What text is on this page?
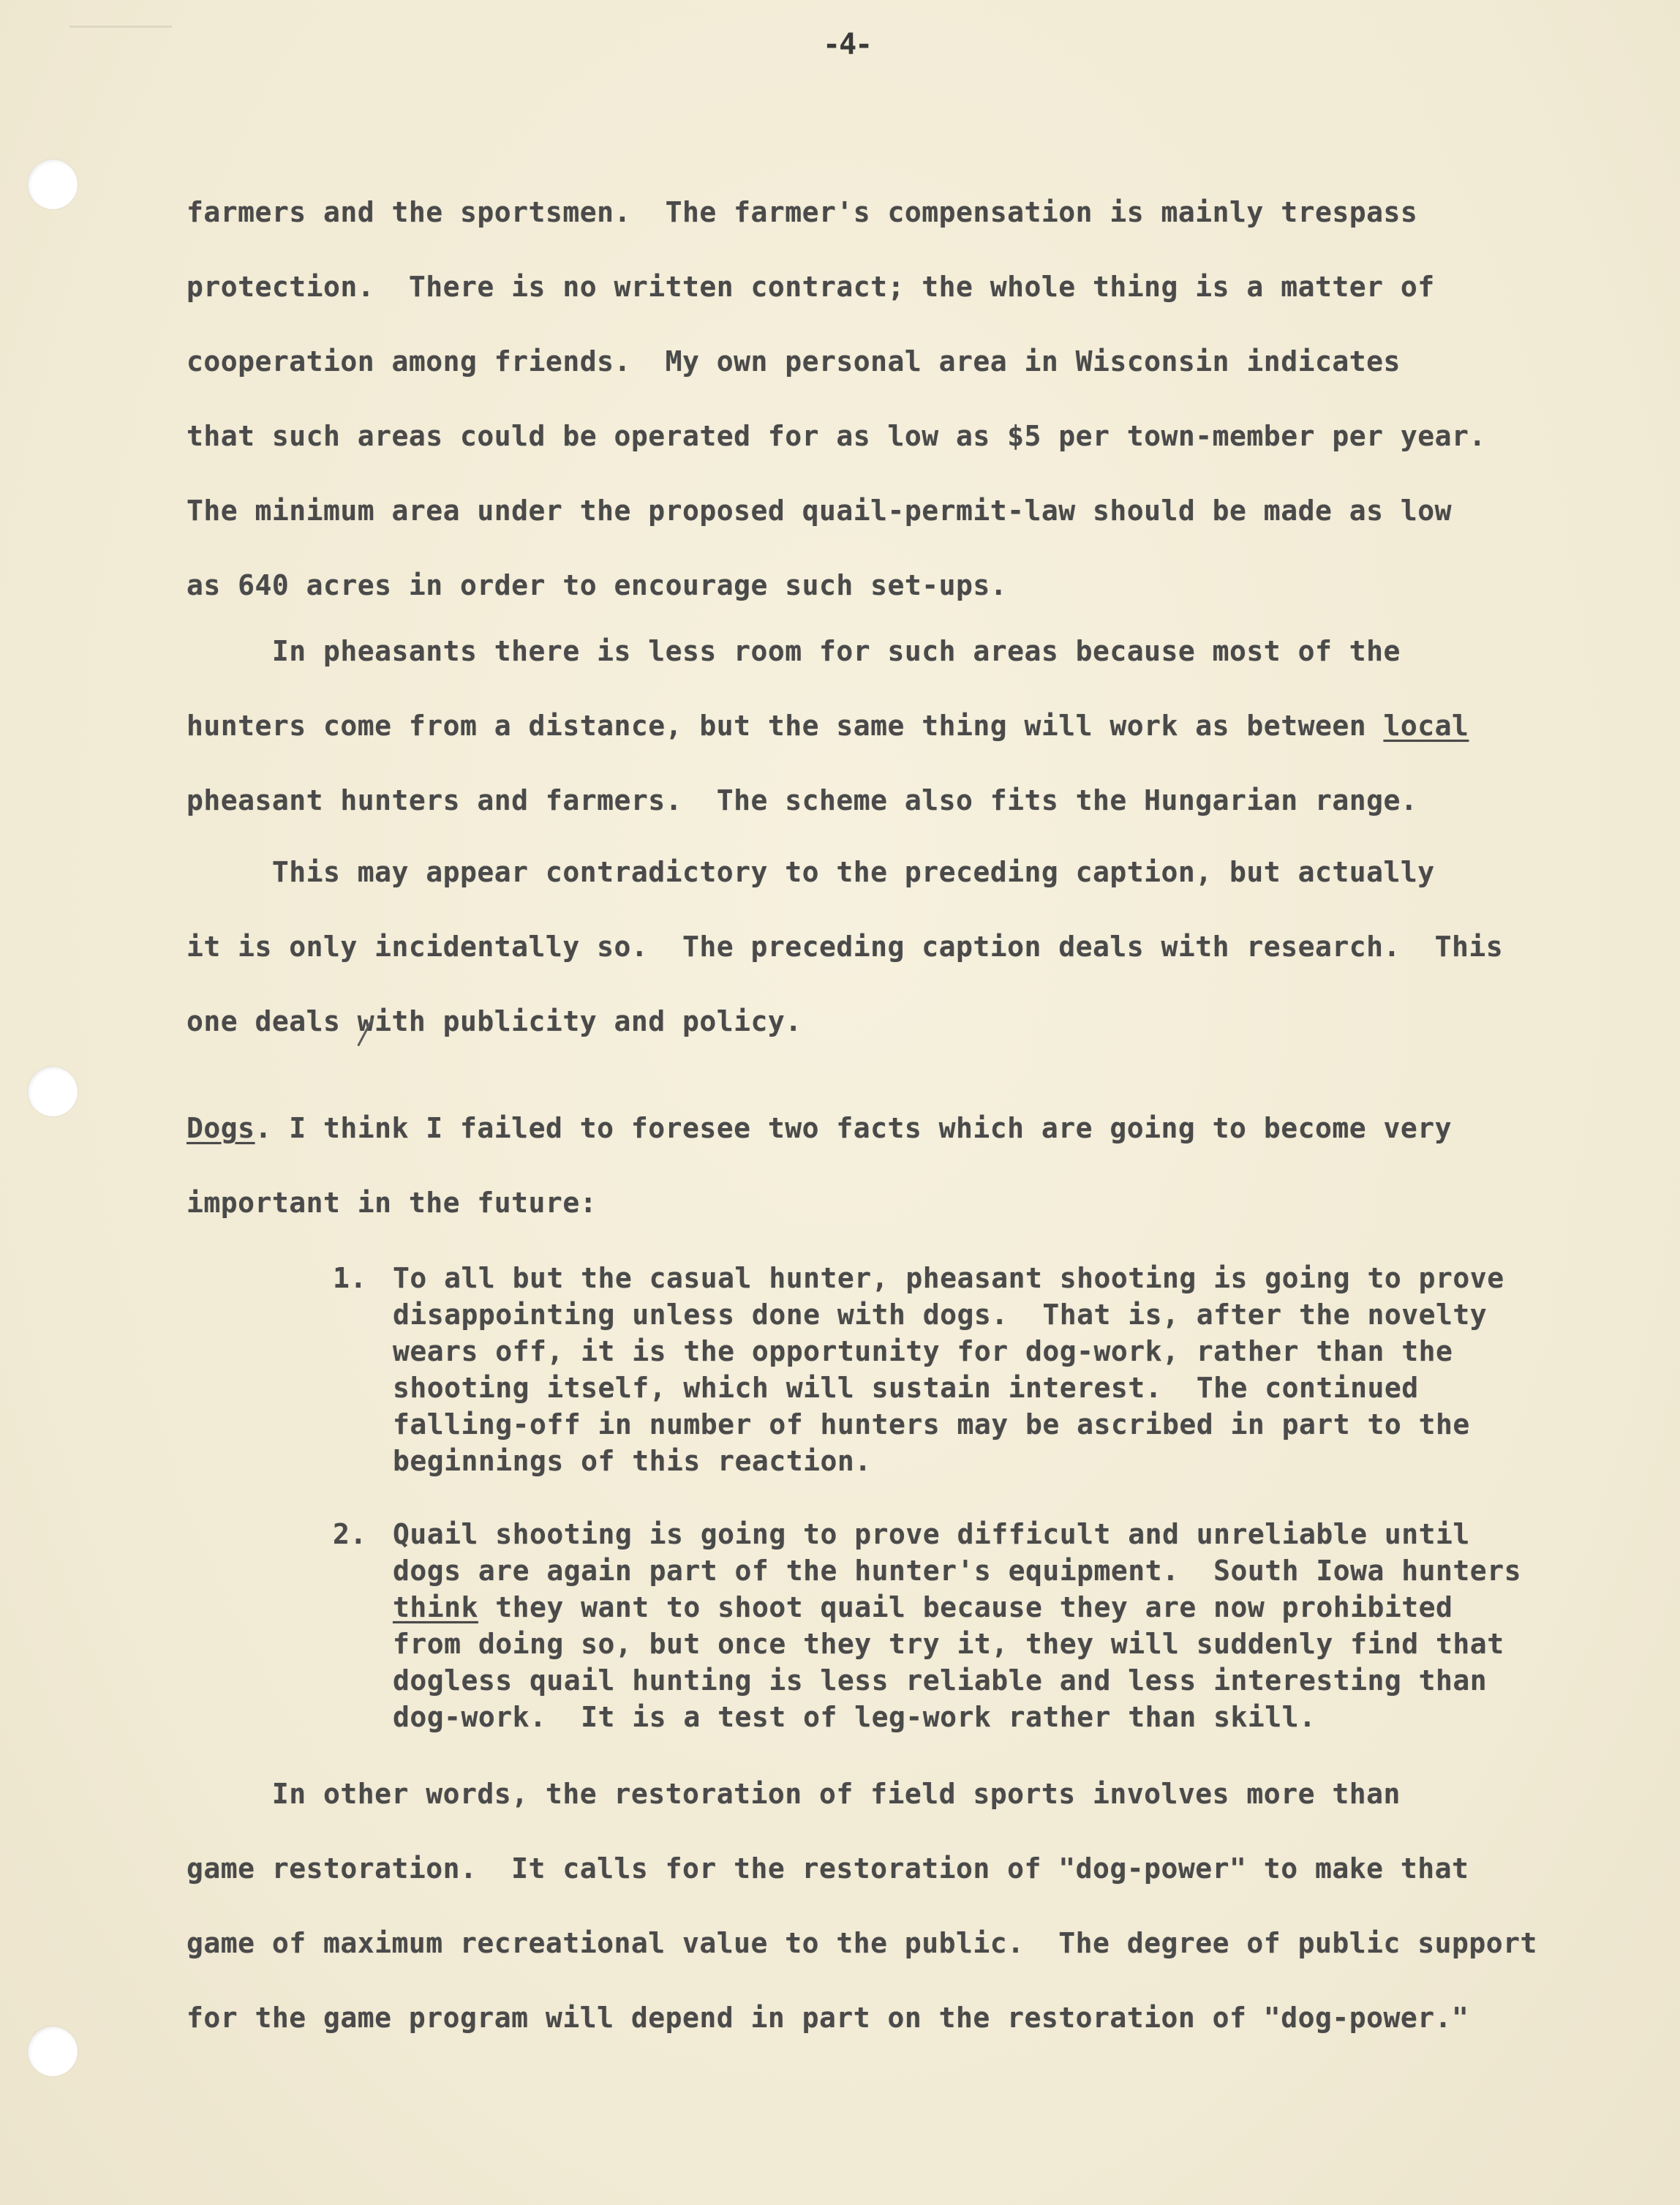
-4-
farmers and the sportsmen.  The farmer's compensation is mainly trespass
protection.  There is no written contract; the whole thing is a matter of
cooperation among friends.  My own personal area in Wisconsin indicates
that such areas could be operated for as low as $5 per town-member per year.
The minimum area under the proposed quail-permit-law should be made as low
as 640 acres in order to encourage such set-ups.
In pheasants there is less room for such areas because most of the
hunters come from a distance, but the same thing will work as between local
pheasant hunters and farmers.  The scheme also fits the Hungarian range.
This may appear contradictory to the preceding caption, but actually
it is only incidentally so.  The preceding caption deals with research.  This
one deals with publicity and policy.
Dogs. I think I failed to foresee two facts which are going to become very
important in the future:
1. To all but the casual hunter, pheasant shooting is going to prove
disappointing unless done with dogs.  That is, after the novelty
wears off, it is the opportunity for dog-work, rather than the
shooting itself, which will sustain interest.  The continued
falling-off in number of hunters may be ascribed in part to the
beginnings of this reaction.
2. Quail shooting is going to prove difficult and unreliable until
dogs are again part of the hunter's equipment.  South Iowa hunters
think they want to shoot quail because they are now prohibited
from doing so, but once they try it, they will suddenly find that
dogless quail hunting is less reliable and less interesting than
dog-work.  It is a test of leg-work rather than skill.
In other words, the restoration of field sports involves more than
game restoration.  It calls for the restoration of "dog-power" to make that
game of maximum recreational value to the public.  The degree of public support
for the game program will depend in part on the restoration of "dog-power."
